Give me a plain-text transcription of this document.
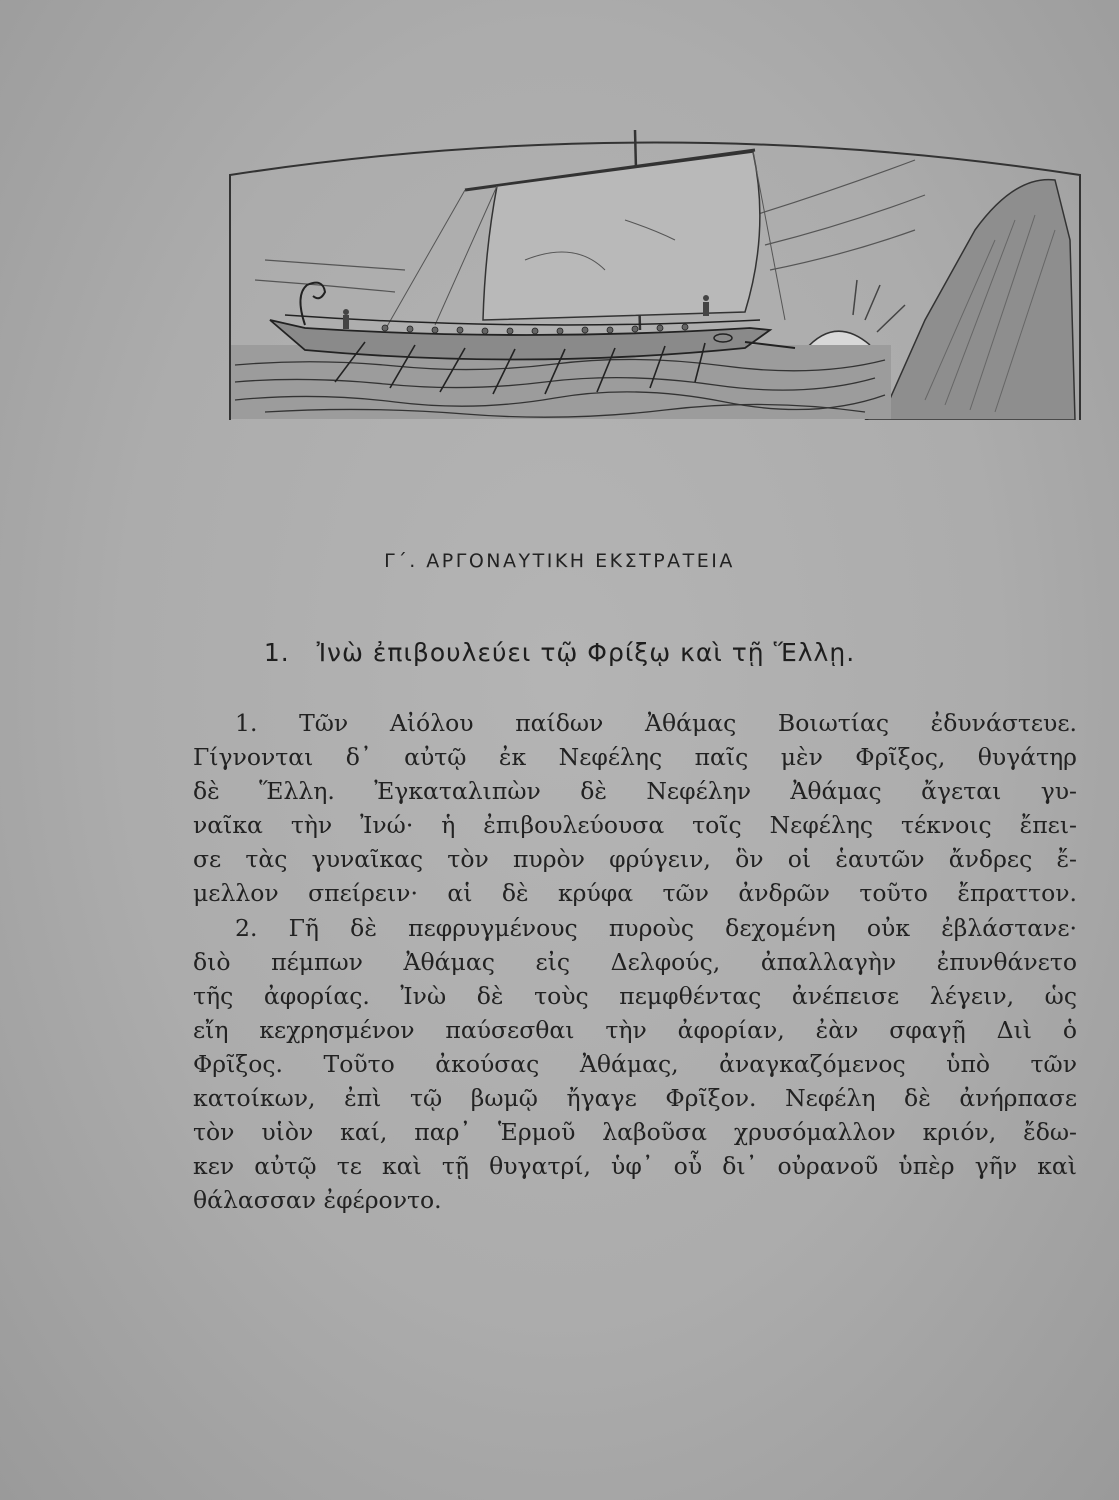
Γ΄. ΑΡΓΟΝΑΥΤΙΚΗ ΕΚΣΤΡΑΤΕΙΑ
1. Ἰνὼ ἐπιβουλεύει τῷ Φρίξῳ καὶ τῇ Ἕλλῃ.
1. Τῶν Αἰόλου παίδων Ἀθάμας Βοιωτίας ἐδυνάστευε.
Γίγνονται δ᾽ αὐτῷ ἐκ Νεφέλης παῖς μὲν Φρῖξος, θυγάτηρ
δὲ Ἕλλη. Ἐγκαταλιπὼν δὲ Νεφέλην Ἀθάμας ἄγεται γυ-
ναῖκα τὴν Ἰνώ· ἡ ἐπιβουλεύουσα τοῖς Νεφέλης τέκνοις ἔπει-
σε τὰς γυναῖκας τὸν πυρὸν φρύγειν, ὃν οἱ ἑαυτῶν ἄνδρες ἔ-
μελλον σπείρειν· αἱ δὲ κρύφα τῶν ἀνδρῶν τοῦτο ἔπραττον.
2. Γῆ δὲ πεφρυγμένους πυροὺς δεχομένη οὐκ ἐβλάστανε·
διὸ πέμπων Ἀθάμας εἰς Δελφούς, ἀπαλλαγὴν ἐπυνθάνετο
τῆς ἀφορίας. Ἰνὼ δὲ τοὺς πεμφθέντας ἀνέπεισε λέγειν, ὡς
εἴη κεχρησμένον παύσεσθαι τὴν ἀφορίαν, ἐὰν σφαγῇ Διὶ ὁ
Φρῖξος. Τοῦτο ἀκούσας Ἀθάμας, ἀναγκαζόμενος ὑπὸ τῶν
κατοίκων, ἐπὶ τῷ βωμῷ ἤγαγε Φρῖξον. Νεφέλη δὲ ἀνήρπασε
τὸν υἱὸν καί, παρ᾽ Ἑρμοῦ λαβοῦσα χρυσόμαλλον κριόν, ἔδω-
κεν αὐτῷ τε καὶ τῇ θυγατρί, ὑφ᾽ οὗ δι᾽ οὐρανοῦ ὑπὲρ γῆν καὶ
θάλασσαν ἐφέροντο.
